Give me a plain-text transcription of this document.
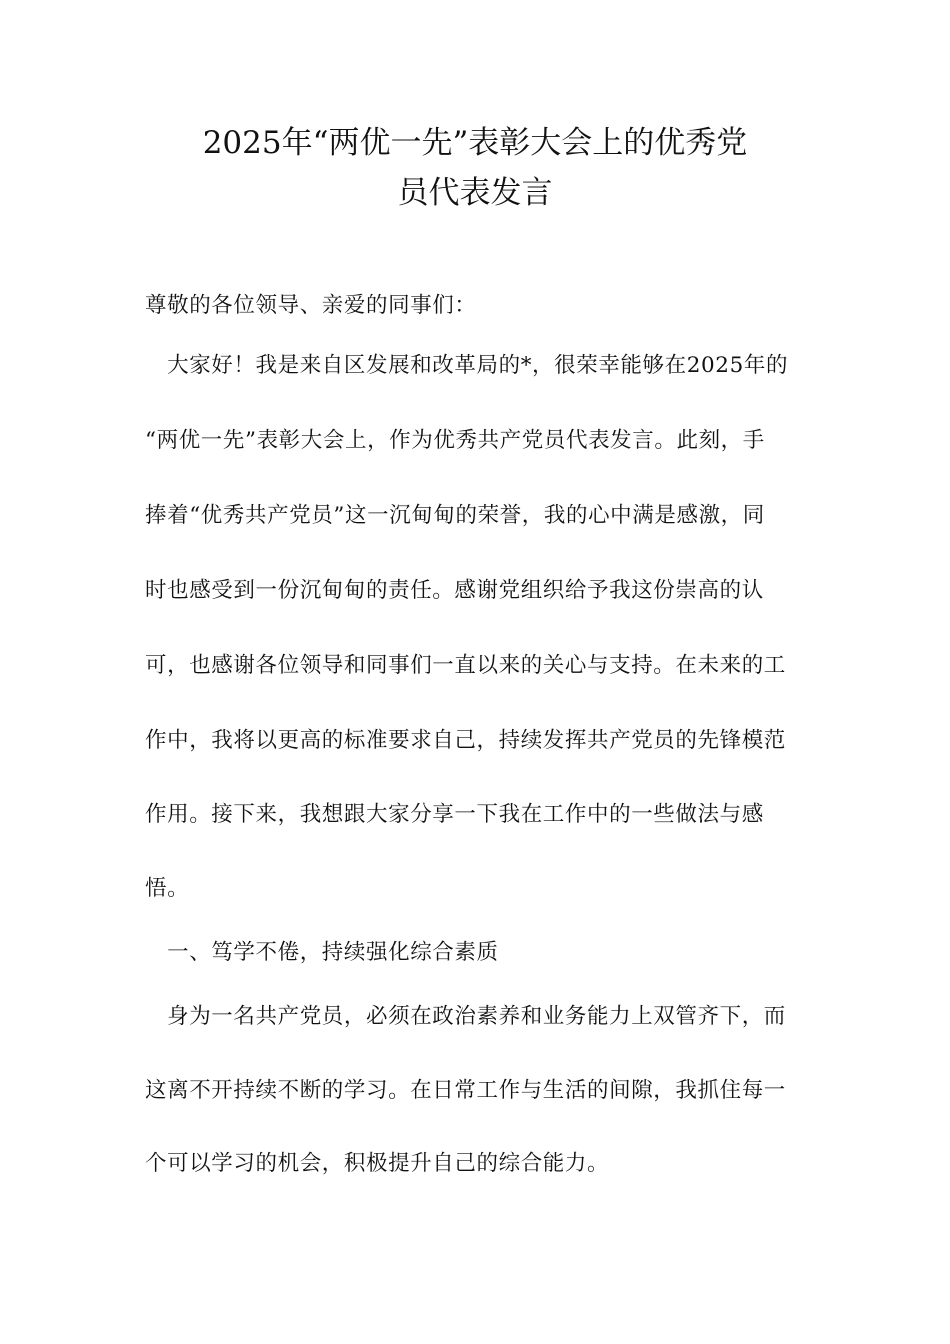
2025年“两优一先”表彰大会上的优秀党
员代表发言
尊敬的各位领导、亲爱的同事们：
　大家好！我是来自区发展和改革局的*，很荣幸能够在2025年的
“两优一先”表彰大会上，作为优秀共产党员代表发言。此刻，手
捧着“优秀共产党员”这一沉甸甸的荣誉，我的心中满是感激，同
时也感受到一份沉甸甸的责任。感谢党组织给予我这份崇高的认
可，也感谢各位领导和同事们一直以来的关心与支持。在未来的工
作中，我将以更高的标准要求自己，持续发挥共产党员的先锋模范
作用。接下来，我想跟大家分享一下我在工作中的一些做法与感
悟。
　一、笃学不倦，持续强化综合素质
　身为一名共产党员，必须在政治素养和业务能力上双管齐下，而
这离不开持续不断的学习。在日常工作与生活的间隙，我抓住每一
个可以学习的机会，积极提升自己的综合能力。
